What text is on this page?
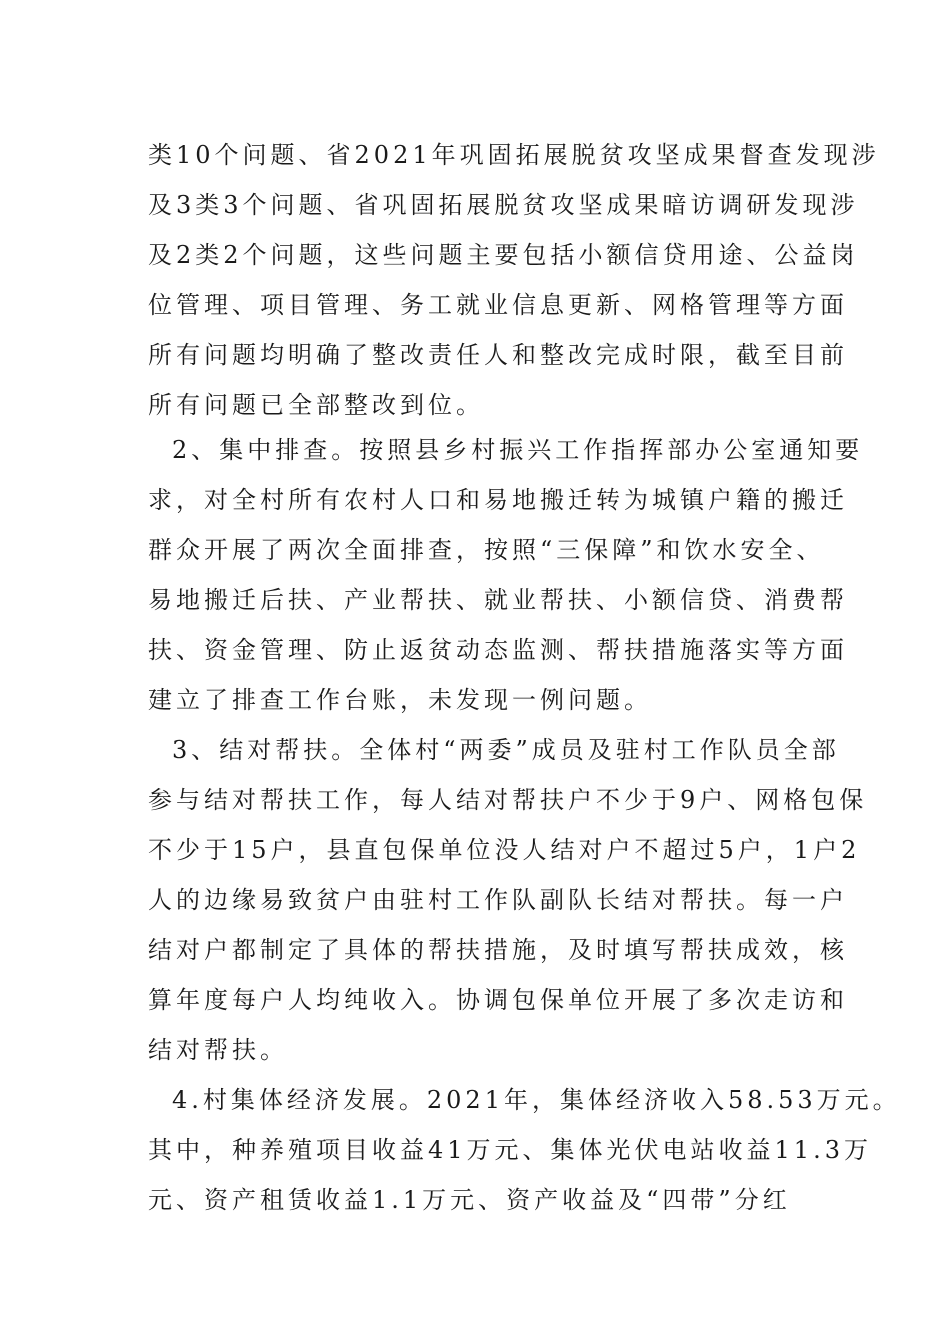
类10个问题、省2021年巩固拓展脱贫攻坚成果督查发现涉
及3类3个问题、省巩固拓展脱贫攻坚成果暗访调研发现涉
及2类2个问题，这些问题主要包括小额信贷用途、公益岗
位管理、项目管理、务工就业信息更新、网格管理等方面
所有问题均明确了整改责任人和整改完成时限，截至目前
所有问题已全部整改到位。
2、集中排查。按照县乡村振兴工作指挥部办公室通知要
求，对全村所有农村人口和易地搬迁转为城镇户籍的搬迁
群众开展了两次全面排查，按照“三保障”和饮水安全、
易地搬迁后扶、产业帮扶、就业帮扶、小额信贷、消费帮
扶、资金管理、防止返贫动态监测、帮扶措施落实等方面
建立了排查工作台账，未发现一例问题。
3、结对帮扶。全体村“两委”成员及驻村工作队员全部
参与结对帮扶工作，每人结对帮扶户不少于9户、网格包保
不少于15户，县直包保单位没人结对户不超过5户，1户2
人的边缘易致贫户由驻村工作队副队长结对帮扶。每一户
结对户都制定了具体的帮扶措施，及时填写帮扶成效，核
算年度每户人均纯收入。协调包保单位开展了多次走访和
结对帮扶。
4.村集体经济发展。2021年，集体经济收入58.53万元。
其中，种养殖项目收益41万元、集体光伏电站收益11.3万
元、资产租赁收益1.1万元、资产收益及“四带”分红
